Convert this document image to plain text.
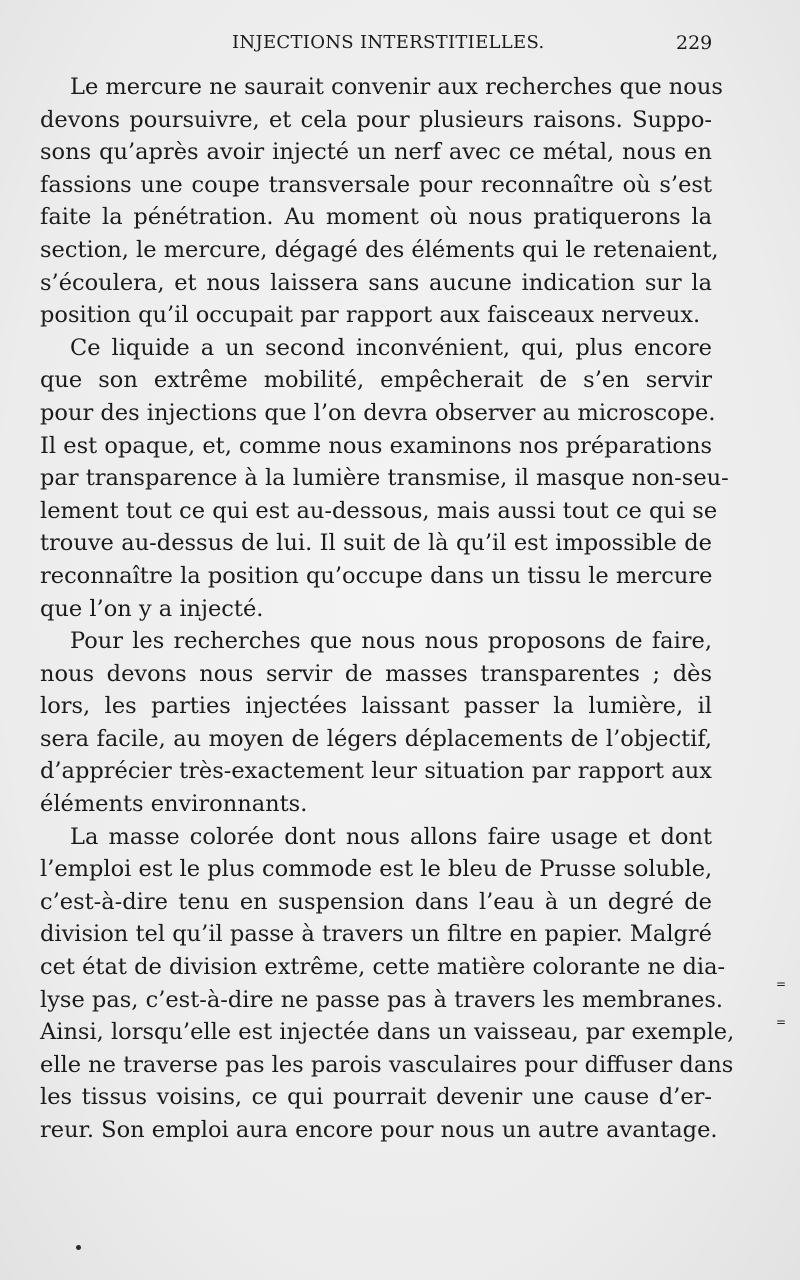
INJECTIONS INTERSTITIELLES.	229
Le mercure ne saurait convenir aux recherches que nous
devons poursuivre, et cela pour plusieurs raisons. Suppo-
sons qu’après avoir injecté un nerf avec ce métal, nous en
fassions une coupe transversale pour reconnaître où s’est
faite la pénétration. Au moment où nous pratiquerons la
section, le mercure, dégagé des éléments qui le retenaient,
s’écoulera, et nous laissera sans aucune indication sur la
position qu’il occupait par rapport aux faisceaux nerveux.
Ce liquide a un second inconvénient, qui, plus encore
que son extrême mobilité, empêcherait de s’en servir
pour des injections que l’on devra observer au microscope.
Il est opaque, et, comme nous examinons nos préparations
par transparence à la lumière transmise, il masque non-seu-
lement tout ce qui est au-dessous, mais aussi tout ce qui se
trouve au-dessus de lui. Il suit de là qu’il est impossible de
reconnaître la position qu’occupe dans un tissu le mercure
que l’on y a injecté.
Pour les recherches que nous nous proposons de faire,
nous devons nous servir de masses transparentes ; dès
lors, les parties injectées laissant passer la lumière, il
sera facile, au moyen de légers déplacements de l’objectif,
d’apprécier très-exactement leur situation par rapport aux
éléments environnants.
La masse colorée dont nous allons faire usage et dont
l’emploi est le plus commode est le bleu de Prusse soluble,
c’est-à-dire tenu en suspension dans l’eau à un degré de
division tel qu’il passe à travers un filtre en papier. Malgré
cet état de division extrême, cette matière colorante ne dia-
lyse pas, c’est-à-dire ne passe pas à travers les membranes.
Ainsi, lorsqu’elle est injectée dans un vaisseau, par exemple,
elle ne traverse pas les parois vasculaires pour diffuser dans
les tissus voisins, ce qui pourrait devenir une cause d’er-
reur. Son emploi aura encore pour nous un autre avantage.
=
=
